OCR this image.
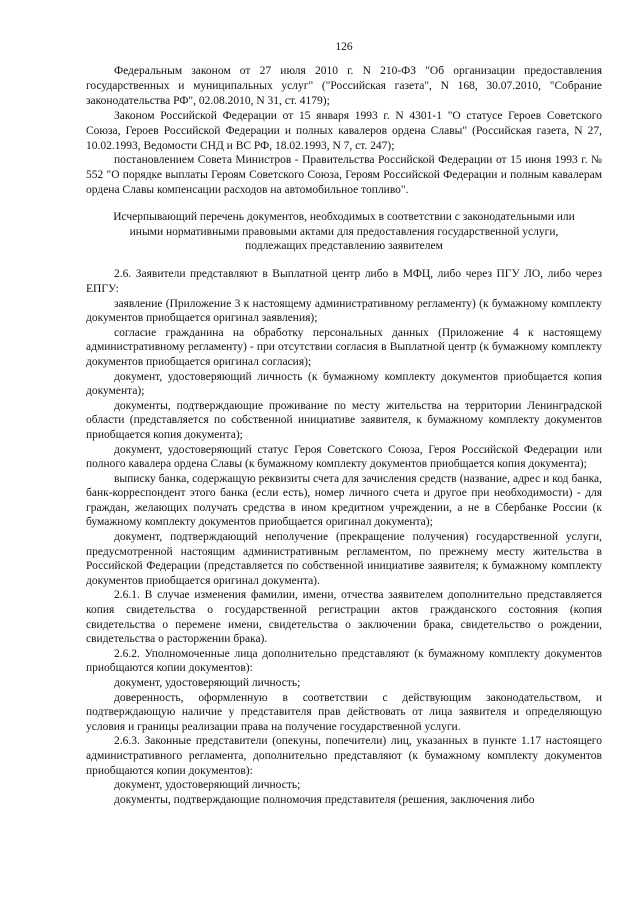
126

Федеральным законом от 27 июля 2010 г. N 210-ФЗ "Об организации предоставления государственных и муниципальных услуг" ("Российская газета", N 168, 30.07.2010, "Собрание законодательства РФ", 02.08.2010, N 31, ст. 4179);

Законом Российской Федерации от 15 января 1993 г. N 4301-1 "О статусе Героев Советского Союза, Героев Российской Федерации и полных кавалеров ордена Славы" (Российская газета, N 27, 10.02.1993, Ведомости СНД и ВС РФ, 18.02.1993, N 7, ст. 247);

постановлением Совета Министров - Правительства Российской Федерации от 15 июня 1993 г. № 552 "О порядке выплаты Героям Советского Союза, Героям Российской Федерации и полным кавалерам ордена Славы компенсации расходов на автомобильное топливо".

Исчерпывающий перечень документов, необходимых в соответствии с законодательными или
иными нормативными правовыми актами для предоставления государственной услуги,
подлежащих представлению заявителем

2.6. Заявители представляют в Выплатной центр либо в МФЦ, либо через ПГУ ЛО, либо через ЕПГУ:

заявление (Приложение 3 к настоящему административному регламенту) (к бумажному комплекту документов приобщается оригинал заявления);

согласие гражданина на обработку персональных данных (Приложение 4 к настоящему административному регламенту) - при отсутствии согласия в Выплатной центр (к бумажному комплекту документов приобщается оригинал согласия);

документ, удостоверяющий личность (к бумажному комплекту документов приобщается копия документа);

документы, подтверждающие проживание по месту жительства на территории Ленинградской области (представляется по собственной инициативе заявителя, к бумажному комплекту документов приобщается копия документа);

документ, удостоверяющий статус Героя Советского Союза, Героя Российской Федерации или полного кавалера ордена Славы (к бумажному комплекту документов приобщается копия документа);

выписку банка, содержащую реквизиты счета для зачисления средств (название, адрес и код банка, банк-корреспондент этого банка (если есть), номер личного счета и другое при необходимости) - для граждан, желающих получать средства в ином кредитном учреждении, а не в Сбербанке России (к бумажному комплекту документов приобщается оригинал документа);

документ, подтверждающий неполучение (прекращение получения) государственной услуги, предусмотренной настоящим административным регламентом, по прежнему месту жительства в Российской Федерации (представляется по собственной инициативе заявителя; к бумажному комплекту документов приобщается оригинал документа).

2.6.1. В случае изменения фамилии, имени, отчества заявителем дополнительно представляется копия свидетельства о государственной регистрации актов гражданского состояния (копия свидетельства о перемене имени, свидетельства о заключении брака, свидетельство о рождении, свидетельства о расторжении брака).

2.6.2. Уполномоченные лица дополнительно представляют (к бумажному комплекту документов приобщаются копии документов):

документ, удостоверяющий личность;

доверенность, оформленную в соответствии с действующим законодательством, и подтверждающую наличие у представителя прав действовать от лица заявителя и определяющую условия и границы реализации права на получение государственной услуги.

2.6.3. Законные представители (опекуны, попечители) лиц, указанных в пункте 1.17 настоящего административного регламента, дополнительно представляют (к бумажному комплекту документов приобщаются копии документов):

документ, удостоверяющий личность;

документы, подтверждающие полномочия представителя (решения, заключения либо
